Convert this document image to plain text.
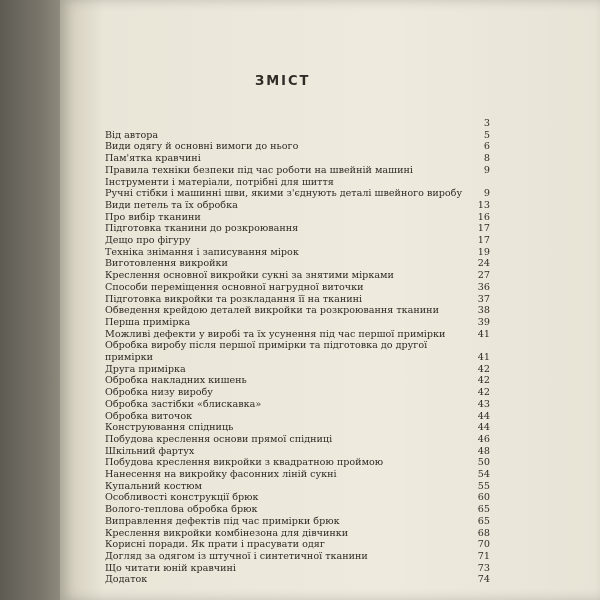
ЗМІСТ
3
Від автора	5
Види одягу й основні вимоги до нього	6
Пам'ятка кравчині	8
Правила техніки безпеки під час роботи на швейній машині	9
Інструменти і матеріали, потрібні для шиття
Ручні стібки і машинні шви, якими з'єднують деталі швейного виробу	9
Види петель та їх обробка	13
Про вибір тканини	16
Підготовка тканини до розкроювання	17
Дещо про фігуру	17
Техніка знімання і записування мірок	19
Виготовлення викройки	24
Креслення основної викройки сукні за знятими мірками	27
Способи переміщення основної нагрудної виточки	36
Підготовка викройки та розкладання її на тканині	37
Обведення крейдою деталей викройки та розкроювання тканини	38
Перша примірка	39
Можливі дефекти у виробі та їх усунення під час першої примірки	41
Обробка виробу після першої примірки та підготовка до другої примірки	41
Друга примірка	42
Обробка накладних кишень	42
Обробка низу виробу	42
Обробка застібки «блискавка»	43
Обробка виточок	44
Конструювання спідниць	44
Побудова креслення основи прямої спідниці	46
Шкільний фартух	48
Побудова креслення викройки з квадратною проймою	50
Нанесення на викройку фасонних ліній сукні	54
Купальний костюм	55
Особливості конструкції брюк	60
Волого-теплова обробка брюк	65
Виправлення дефектів під час примірки брюк	65
Креслення викройки комбінезона для дівчинки	68
Корисні поради. Як прати і прасувати одяг	70
Догляд за одягом із штучної і синтетичної тканини	71
Що читати юній кравчині	73
Додаток	74
